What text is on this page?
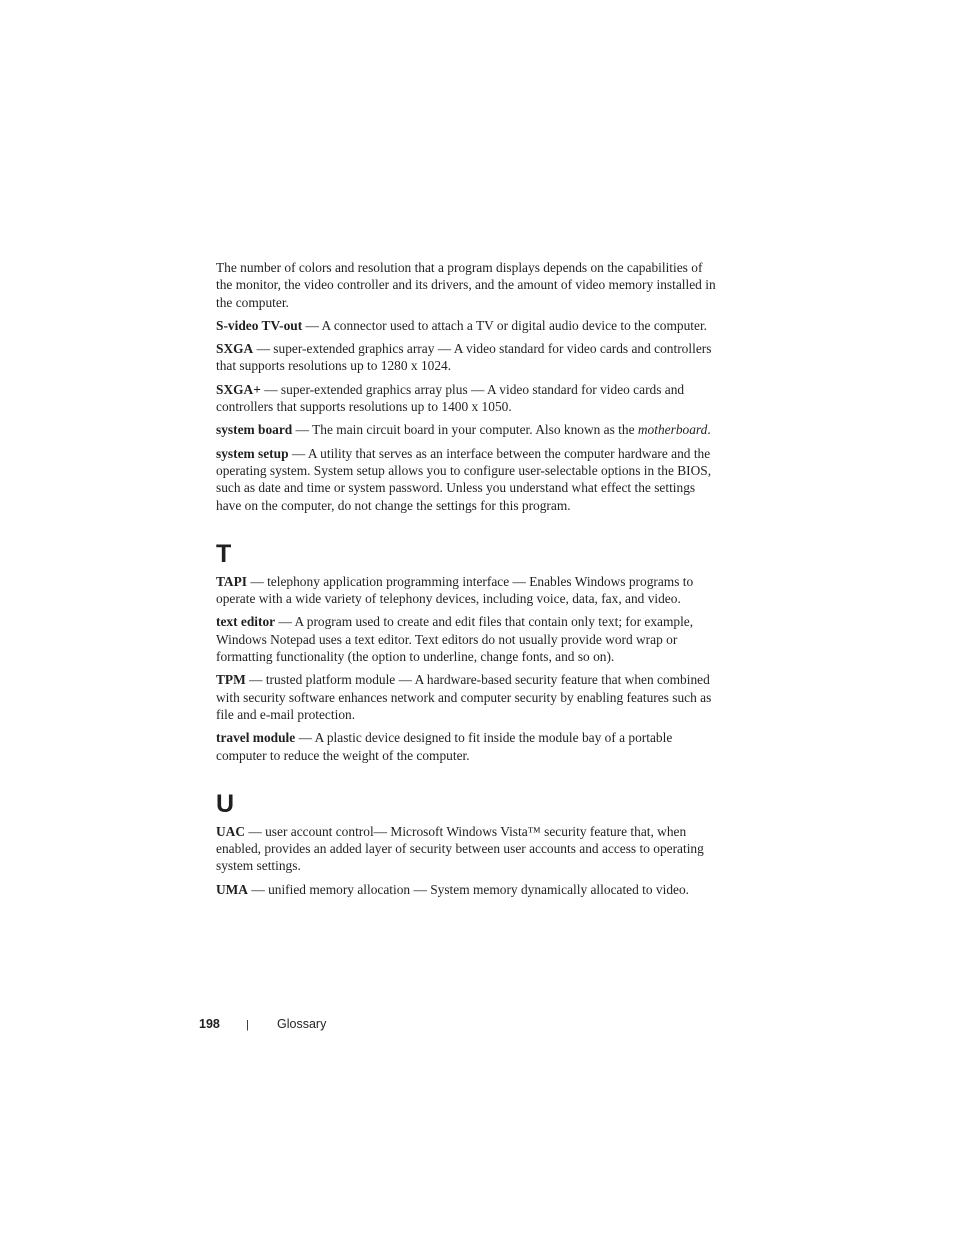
The number of colors and resolution that a program displays depends on the capabilities of the monitor, the video controller and its drivers, and the amount of video memory installed in the computer.

S-video TV-out — A connector used to attach a TV or digital audio device to the computer.

SXGA — super-extended graphics array — A video standard for video cards and controllers that supports resolutions up to 1280 x 1024.

SXGA+ — super-extended graphics array plus — A video standard for video cards and controllers that supports resolutions up to 1400 x 1050.

system board — The main circuit board in your computer. Also known as the motherboard.

system setup — A utility that serves as an interface between the computer hardware and the operating system. System setup allows you to configure user-selectable options in the BIOS, such as date and time or system password. Unless you understand what effect the settings have on the computer, do not change the settings for this program.

T

TAPI — telephony application programming interface — Enables Windows programs to operate with a wide variety of telephony devices, including voice, data, fax, and video.

text editor — A program used to create and edit files that contain only text; for example, Windows Notepad uses a text editor. Text editors do not usually provide word wrap or formatting functionality (the option to underline, change fonts, and so on).

TPM — trusted platform module — A hardware-based security feature that when combined with security software enhances network and computer security by enabling features such as file and e-mail protection.

travel module — A plastic device designed to fit inside the module bay of a portable computer to reduce the weight of the computer.

U

UAC — user account control— Microsoft Windows Vista™ security feature that, when enabled, provides an added layer of security between user accounts and access to operating system settings.

UMA — unified memory allocation — System memory dynamically allocated to video.

198 | Glossary
